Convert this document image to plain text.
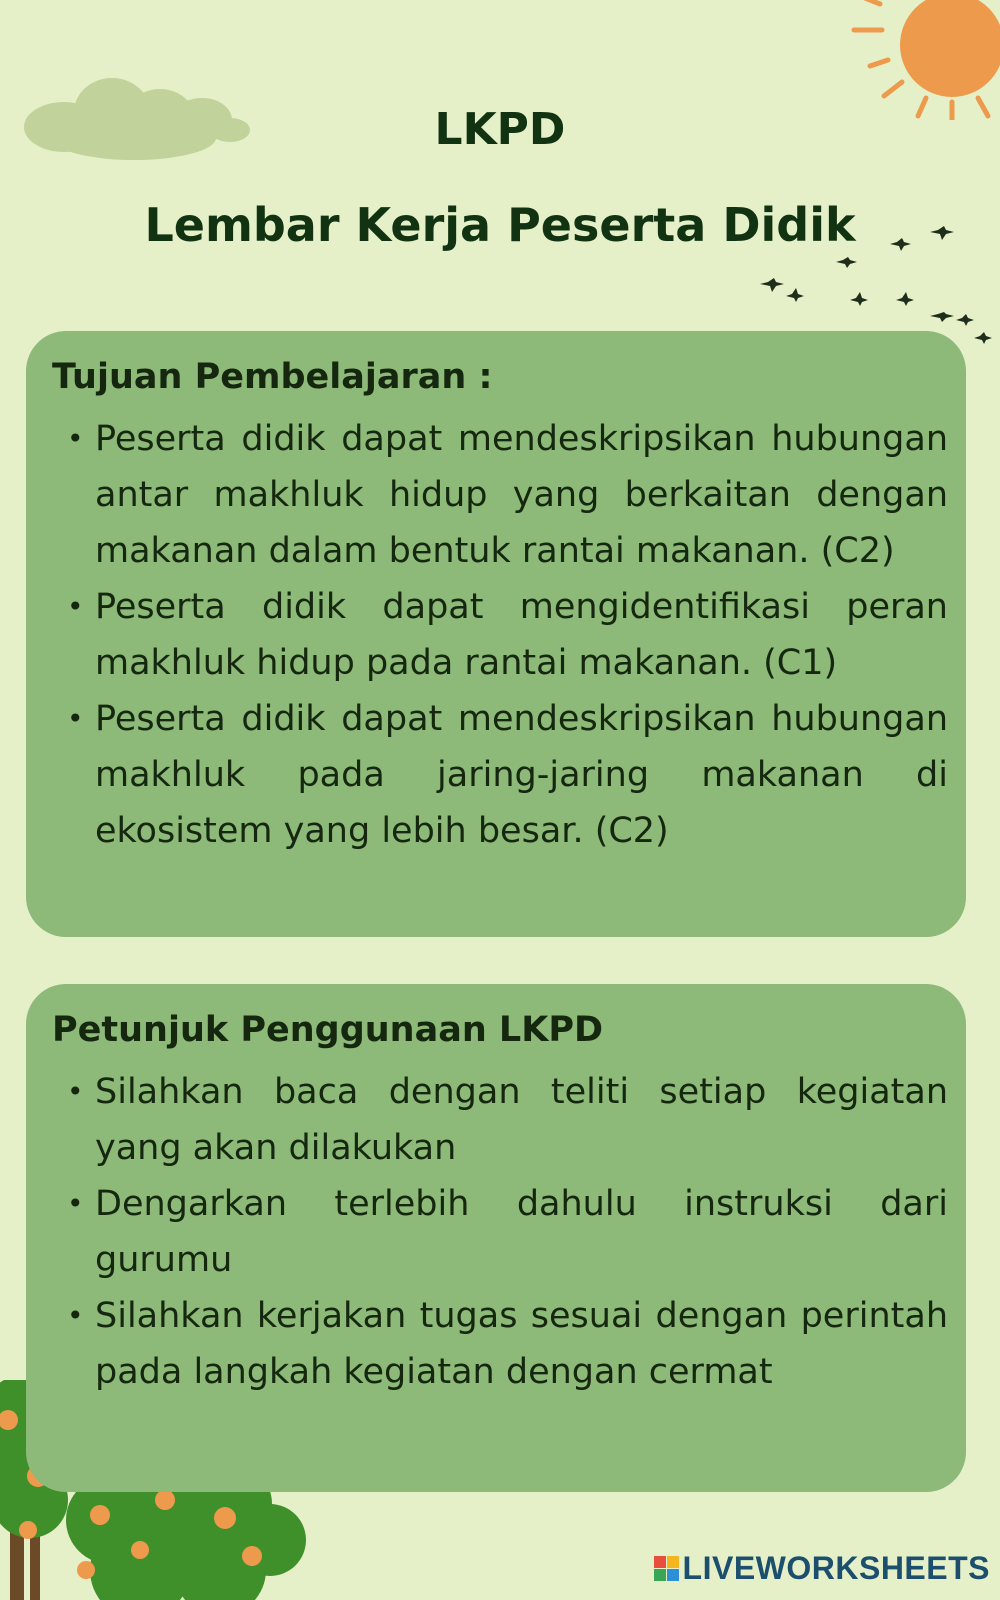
LKPD
Lembar Kerja Peserta Didik
Tujuan Pembelajaran :
• Peserta didik dapat mendeskripsikan hubungan antar makhluk hidup yang berkaitan dengan makanan dalam bentuk rantai makanan. (C2)
• Peserta didik dapat mengidentifikasi peran makhluk hidup pada rantai makanan. (C1)
• Peserta didik dapat mendeskripsikan hubungan makhluk pada jaring-jaring makanan di ekosistem yang lebih besar. (C2)
Petunjuk Penggunaan LKPD
• Silahkan baca dengan teliti setiap kegiatan yang akan dilakukan
• Dengarkan terlebih dahulu instruksi dari gurumu
• Silahkan kerjakan tugas sesuai dengan perintah pada langkah kegiatan dengan cermat
LIVEWORKSHEETS
